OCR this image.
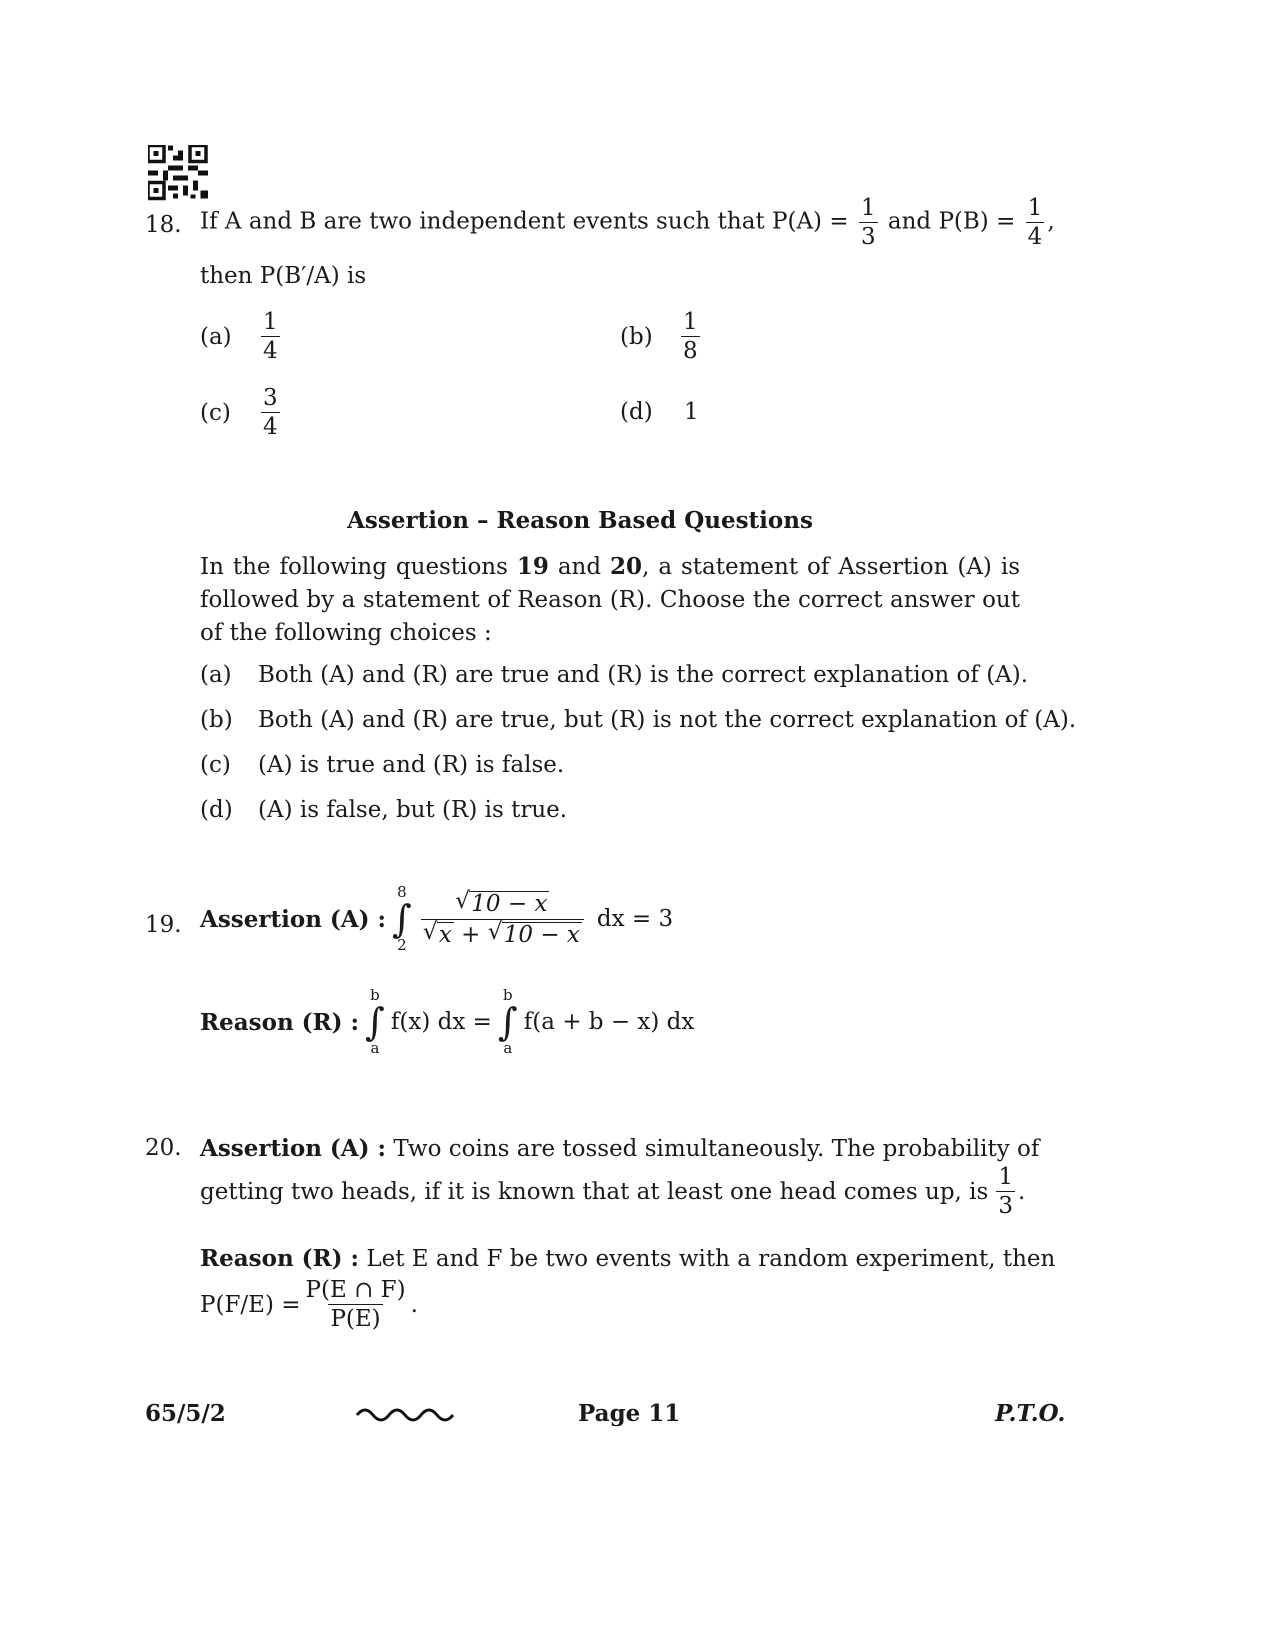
18. If A and B are two independent events such that $P(A) = \frac{1}{3}$ and $P(B) = \frac{1}{4}$ ,
then P(B′/A) is
(a)	$\frac{1}{4}$	(b)	$\frac{1}{8}$
(c)	$\frac{3}{4}$	(d)	1
Assertion – Reason Based Questions
In the following questions 19 and 20, a statement of Assertion (A) is followed by a statement of Reason (R). Choose the correct answer out of the following choices :
(a) Both (A) and (R) are true and (R) is the correct explanation of (A).
(b) Both (A) and (R) are true, but (R) is not the correct explanation of (A).
(c) (A) is true and (R) is false.
(d) (A) is false, but (R) is true.
19. Assertion (A) :
8
∫
2 √ 10 − x
√ x + √ 10 − x dx = 3
Reason (R) :
b
∫
a
f(x) dx =
b
∫
a
f(a + b − x) dx
20. Assertion (A) : Two coins are tossed simultaneously. The probability of
getting two heads, if it is known that at least one head comes up, is $\frac{1}{3}$ .
Reason (R) : Let E and F be two events with a random experiment, then
$P(F/E) = \frac{P(E \cap F)}{P(E)}$ .
65/5/2	Page 11	P.T.O.
